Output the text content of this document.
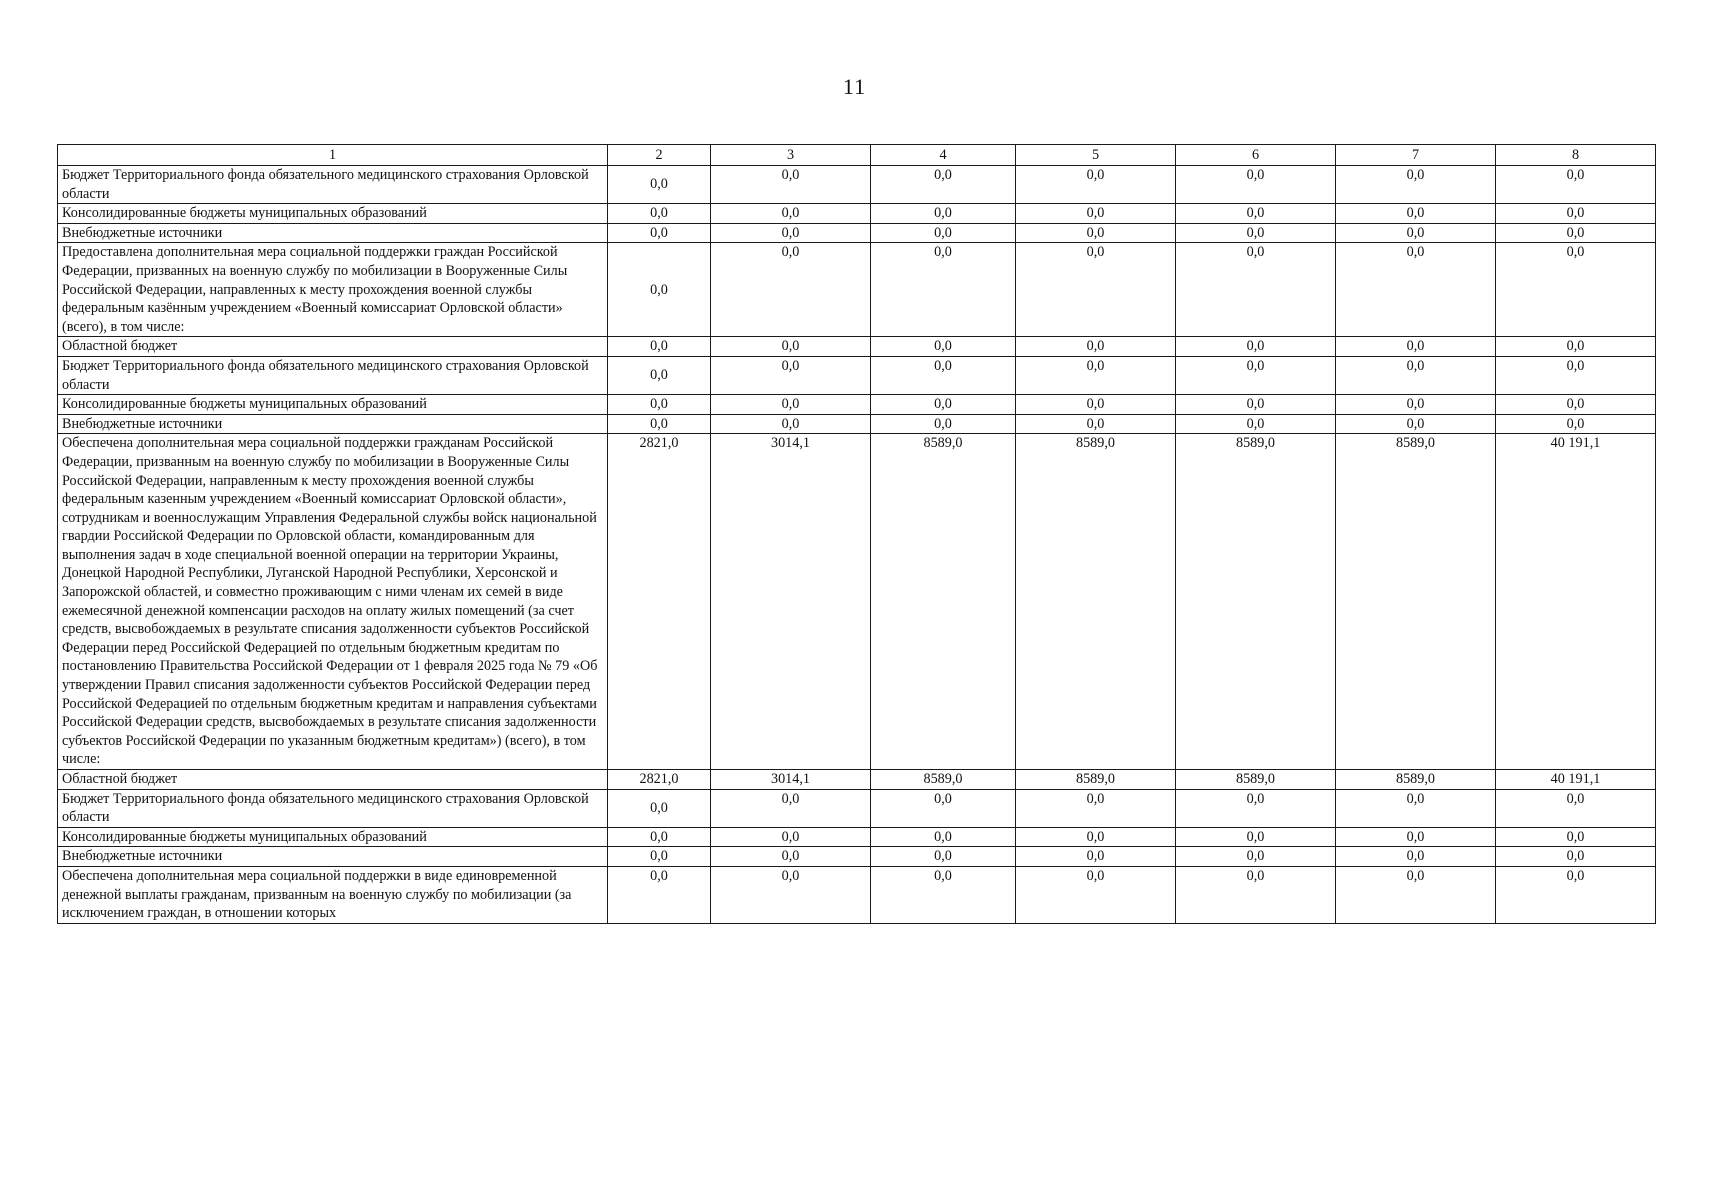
11
1	2	3	4	5	6	7	8
Бюджет Территориального фонда обязательного медицинского страхования Орловской области	0,0	0,0	0,0	0,0	0,0	0,0	0,0
Консолидированные бюджеты муниципальных образований	0,0	0,0	0,0	0,0	0,0	0,0	0,0
Внебюджетные источники	0,0	0,0	0,0	0,0	0,0	0,0	0,0
Предоставлена дополнительная мера социальной поддержки граждан Российской Федерации, призванных на военную службу по мобилизации в Вооруженные Силы Российской Федерации, направленных к месту прохождения военной службы федеральным казённым учреждением «Военный комиссариат Орловской области» (всего), в том числе:	0,0	0,0	0,0	0,0	0,0	0,0	0,0
Областной бюджет	0,0	0,0	0,0	0,0	0,0	0,0	0,0
Бюджет Территориального фонда обязательного медицинского страхования Орловской области	0,0	0,0	0,0	0,0	0,0	0,0	0,0
Консолидированные бюджеты муниципальных образований	0,0	0,0	0,0	0,0	0,0	0,0	0,0
Внебюджетные источники	0,0	0,0	0,0	0,0	0,0	0,0	0,0
Обеспечена дополнительная мера социальной поддержки гражданам Российской Федерации, призванным на военную службу по мобилизации в Вооруженные Силы Российской Федерации, направленным к месту прохождения военной службы федеральным казенным учреждением «Военный комиссариат Орловской области», сотрудникам и военнослужащим Управления Федеральной службы войск национальной гвардии Российской Федерации по Орловской области, командированным для выполнения задач в ходе специальной военной операции на территории Украины, Донецкой Народной Республики, Луганской Народной Республики, Херсонской и Запорожской областей, и совместно проживающим с ними членам их семей в виде ежемесячной денежной компенсации расходов на оплату жилых помещений (за счет средств, высвобождаемых в результате списания задолженности субъектов Российской Федерации перед Российской Федерацией по отдельным бюджетным кредитам по постановлению Правительства Российской Федерации от 1 февраля 2025 года № 79 «Об утверждении Правил списания задолженности субъектов Российской Федерации перед Российской Федерацией по отдельным бюджетным кредитам и направления субъектами Российской Федерации средств, высвобождаемых в результате списания задолженности субъектов Российской Федерации по указанным бюджетным кредитам») (всего), в том числе:	2821,0	3014,1	8589,0	8589,0	8589,0	8589,0	40 191,1
Областной бюджет	2821,0	3014,1	8589,0	8589,0	8589,0	8589,0	40 191,1
Бюджет Территориального фонда обязательного медицинского страхования Орловской области	0,0	0,0	0,0	0,0	0,0	0,0	0,0
Консолидированные бюджеты муниципальных образований	0,0	0,0	0,0	0,0	0,0	0,0	0,0
Внебюджетные источники	0,0	0,0	0,0	0,0	0,0	0,0	0,0
Обеспечена дополнительная мера социальной поддержки в виде единовременной денежной выплаты гражданам, призванным на военную службу по мобилизации (за исключением граждан, в отношении которых	0,0	0,0	0,0	0,0	0,0	0,0	0,0
